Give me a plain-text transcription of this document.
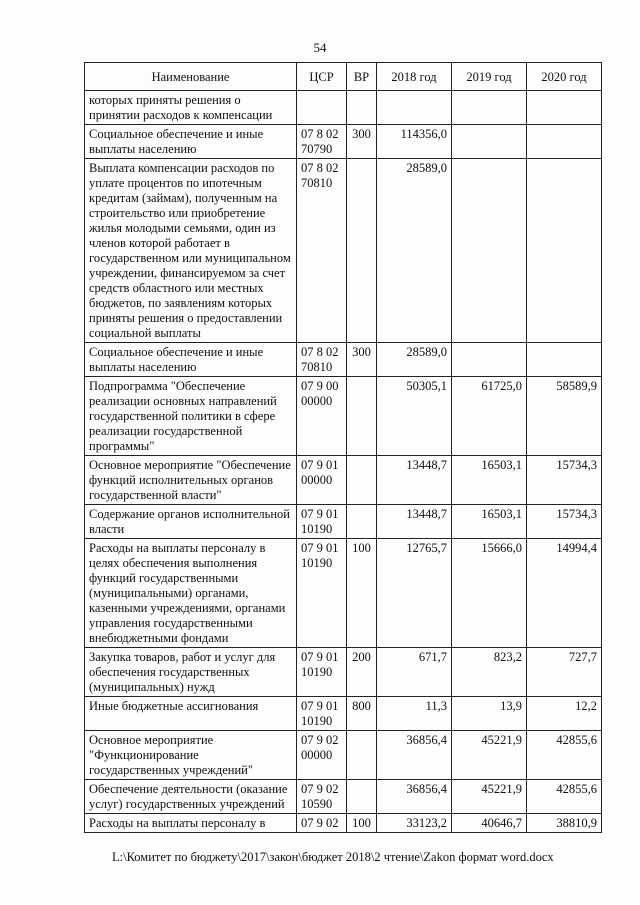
54
Наименование	ЦСР	ВР	2018 год	2019 год	2020 год
которых приняты решения о принятии расходов к компенсации					
Социальное обеспечение и иные выплаты населению	07 8 02 70790	300	114356,0		
Выплата компенсации расходов по уплате процентов по ипотечным кредитам (займам), полученным на строительство или приобретение жилья молодыми семьями, один из членов которой работает в государственном или муниципальном учреждении, финансируемом за счет средств областного или местных бюджетов, по заявлениям которых приняты решения о предоставлении социальной выплаты	07 8 02 70810		28589,0		
Социальное обеспечение и иные выплаты населению	07 8 02 70810	300	28589,0		
Подпрограмма "Обеспечение реализации основных направлений государственной политики в сфере реализации государственной программы"	07 9 00 00000		50305,1	61725,0	58589,9
Основное мероприятие "Обеспечение функций исполнительных органов государственной власти"	07 9 01 00000		13448,7	16503,1	15734,3
Содержание органов исполнительной власти	07 9 01 10190		13448,7	16503,1	15734,3
Расходы на выплаты персоналу в целях обеспечения выполнения функций государственными (муниципальными) органами, казенными учреждениями, органами управления государственными внебюджетными фондами	07 9 01 10190	100	12765,7	15666,0	14994,4
Закупка товаров, работ и услуг для обеспечения государственных (муниципальных) нужд	07 9 01 10190	200	671,7	823,2	727,7
Иные бюджетные ассигнования	07 9 01 10190	800	11,3	13,9	12,2
Основное мероприятие "Функционирование государственных учреждений"	07 9 02 00000		36856,4	45221,9	42855,6
Обеспечение деятельности (оказание услуг) государственных учреждений	07 9 02 10590		36856,4	45221,9	42855,6
Расходы на выплаты персоналу в	07 9 02	100	33123,2	40646,7	38810,9
L:\Комитет по бюджету\2017\закон\бюджет 2018\2 чтение\Zakon формат word.docx
